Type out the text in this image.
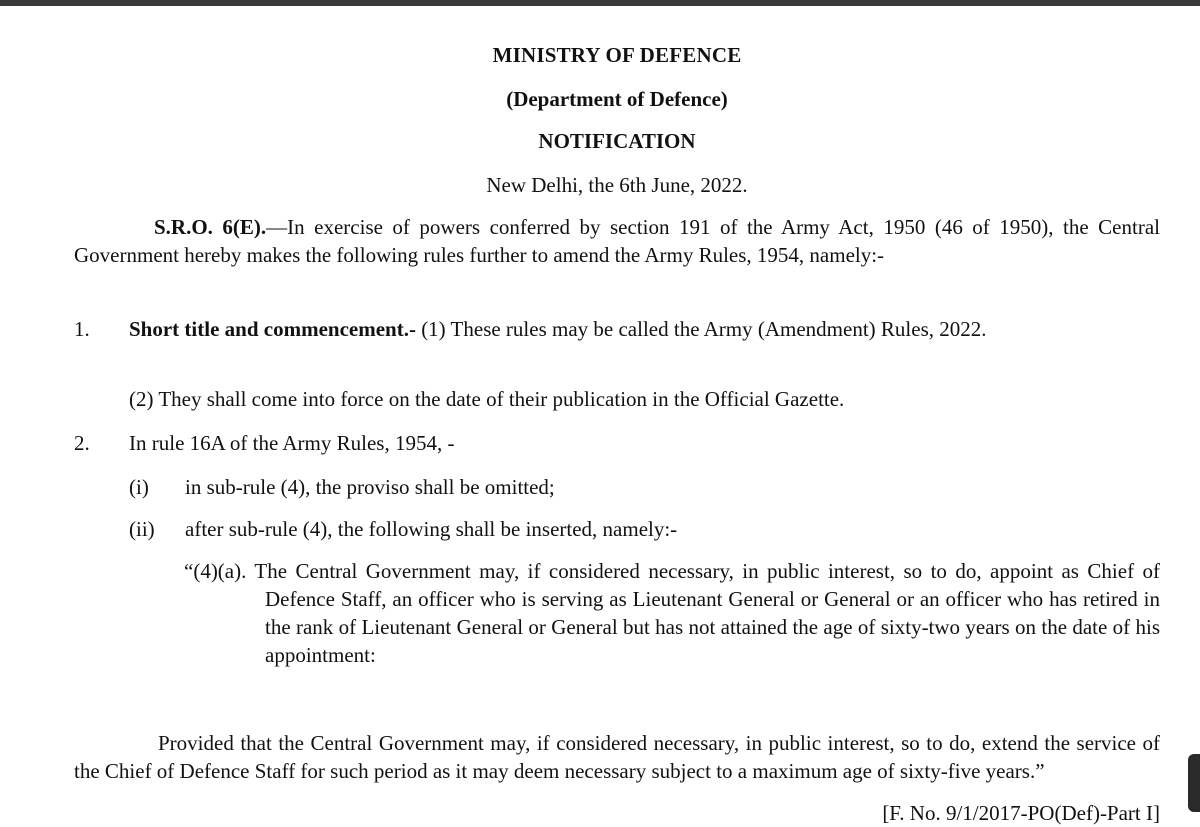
MINISTRY OF DEFENCE
(Department of Defence)
NOTIFICATION
New Delhi, the 6th June, 2022.
S.R.O. 6(E).—In exercise of powers conferred by section 191 of the Army Act, 1950 (46 of 1950), the Central Government hereby makes the following rules further to amend the Army Rules, 1954, namely:-
1. Short title and commencement.- (1) These rules may be called the Army (Amendment) Rules, 2022.
(2) They shall come into force on the date of their publication in the Official Gazette.
2. In rule 16A of the Army Rules, 1954, -
(i) in sub-rule (4), the proviso shall be omitted;
(ii) after sub-rule (4), the following shall be inserted, namely:-
“(4)(a). The Central Government may, if considered necessary, in public interest, so to do, appoint as Chief of Defence Staff, an officer who is serving as Lieutenant General or General or an officer who has retired in the rank of Lieutenant General or General but has not attained the age of sixty-two years on the date of his appointment:
Provided that the Central Government may, if considered necessary, in public interest, so to do, extend the service of the Chief of Defence Staff for such period as it may deem necessary subject to a maximum age of sixty-five years.”
[F. No. 9/1/2017-PO(Def)-Part I]
